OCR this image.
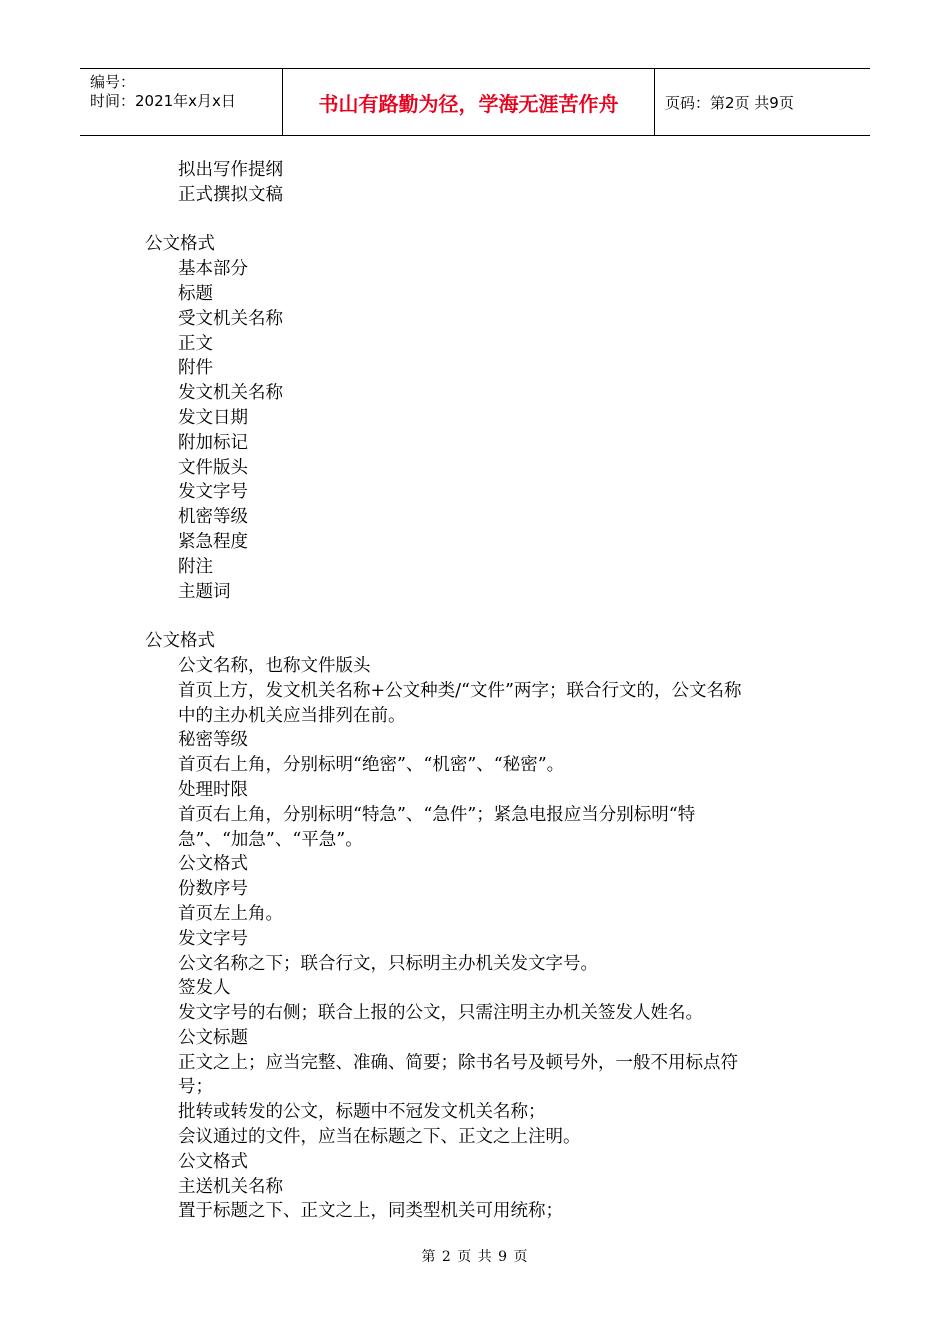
编号：
时间：2021年x月x日	书山有路勤为径，学海无涯苦作舟	页码：第2页 共9页
拟出写作提纲
正式撰拟文稿
公文格式
基本部分
标题
受文机关名称
正文
附件
发文机关名称
发文日期
附加标记
文件版头
发文字号
机密等级
紧急程度
附注
主题词
公文格式
公文名称，也称文件版头
首页上方，发文机关名称+公文种类/“文件”两字；联合行文的，公文名称
中的主办机关应当排列在前。
秘密等级
首页右上角，分别标明“绝密”、“机密”、“秘密”。
处理时限
首页右上角，分别标明“特急”、“急件”；紧急电报应当分别标明“特
急”、“加急”、“平急”。
公文格式
份数序号
首页左上角。
发文字号
公文名称之下；联合行文，只标明主办机关发文字号。
签发人
发文字号的右侧；联合上报的公文，只需注明主办机关签发人姓名。
公文标题
正文之上；应当完整、准确、简要；除书名号及顿号外，一般不用标点符
号；
批转或转发的公文，标题中不冠发文机关名称；
会议通过的文件，应当在标题之下、正文之上注明。
公文格式
主送机关名称
置于标题之下、正文之上，同类型机关可用统称；
第 2 页 共 9 页
